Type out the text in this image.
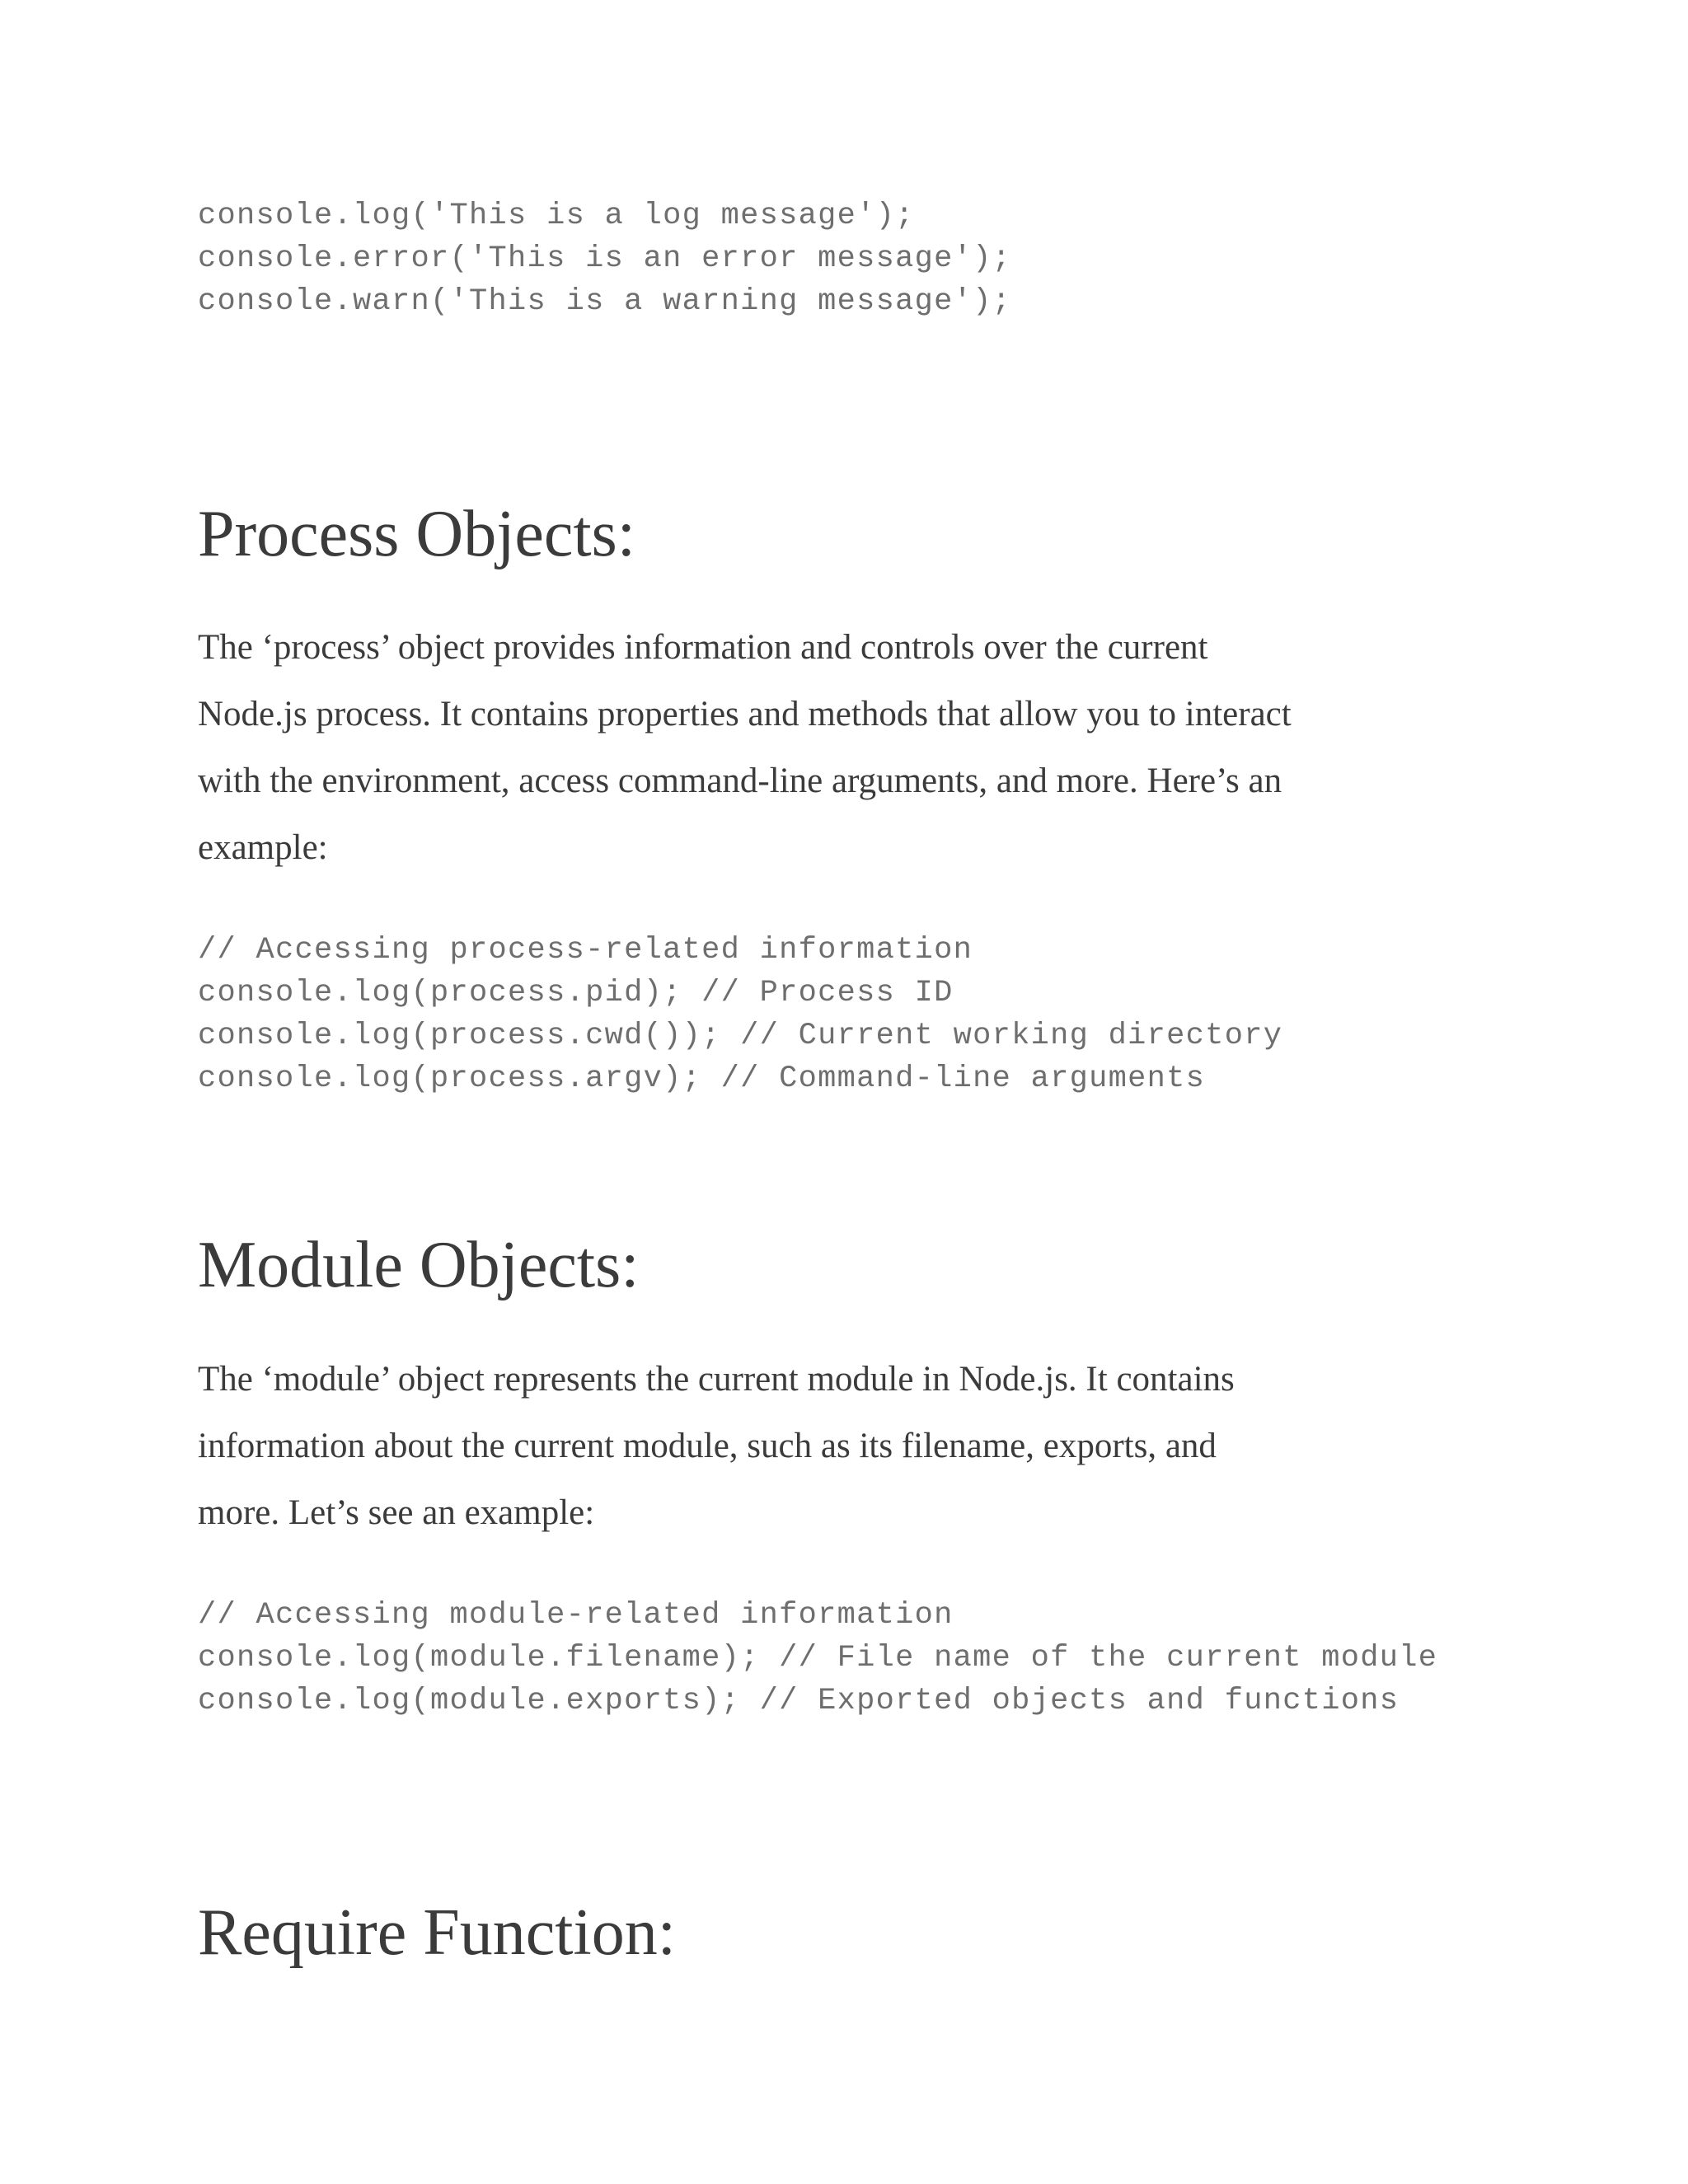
console.log('This is a log message');
console.error('This is an error message');
console.warn('This is a warning message');
Process Objects:

The ‘process’ object provides information and controls over the current
Node.js process. It contains properties and methods that allow you to interact
with the environment, access command-line arguments, and more. Here’s an
example:

// Accessing process-related information
console.log(process.pid); // Process ID
console.log(process.cwd()); // Current working directory
console.log(process.argv); // Command-line arguments
Module Objects:

The ‘module’ object represents the current module in Node.js. It contains
information about the current module, such as its filename, exports, and
more. Let’s see an example:

// Accessing module-related information
console.log(module.filename); // File name of the current module
console.log(module.exports); // Exported objects and functions
Require Function:
